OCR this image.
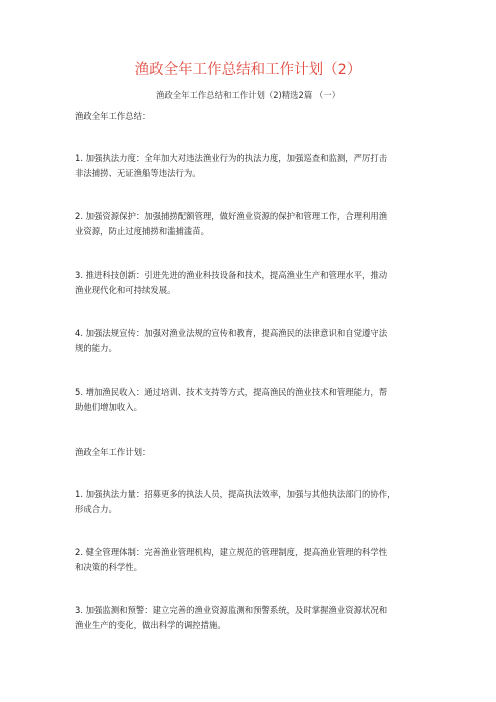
渔政全年工作总结和工作计划（2）
渔政全年工作总结和工作计划（2)精选2篇 （一）
渔政全年工作总结：
1. 加强执法力度：全年加大对违法渔业行为的执法力度，加强巡查和监测，严厉打击
非法捕捞、无证渔船等违法行为。
2. 加强资源保护：加强捕捞配额管理，做好渔业资源的保护和管理工作，合理利用渔
业资源，防止过度捕捞和滥捕滥苗。
3. 推进科技创新：引进先进的渔业科技设备和技术，提高渔业生产和管理水平，推动
渔业现代化和可持续发展。
4. 加强法规宣传：加强对渔业法规的宣传和教育，提高渔民的法律意识和自觉遵守法
规的能力。
5. 增加渔民收入：通过培训、技术支持等方式，提高渔民的渔业技术和管理能力，帮
助他们增加收入。
渔政全年工作计划：
1. 加强执法力量：招募更多的执法人员，提高执法效率，加强与其他执法部门的协作，
形成合力。
2. 健全管理体制：完善渔业管理机构，建立规范的管理制度，提高渔业管理的科学性
和决策的科学性。
3. 加强监测和预警：建立完善的渔业资源监测和预警系统，及时掌握渔业资源状况和
渔业生产的变化，做出科学的调控措施。
